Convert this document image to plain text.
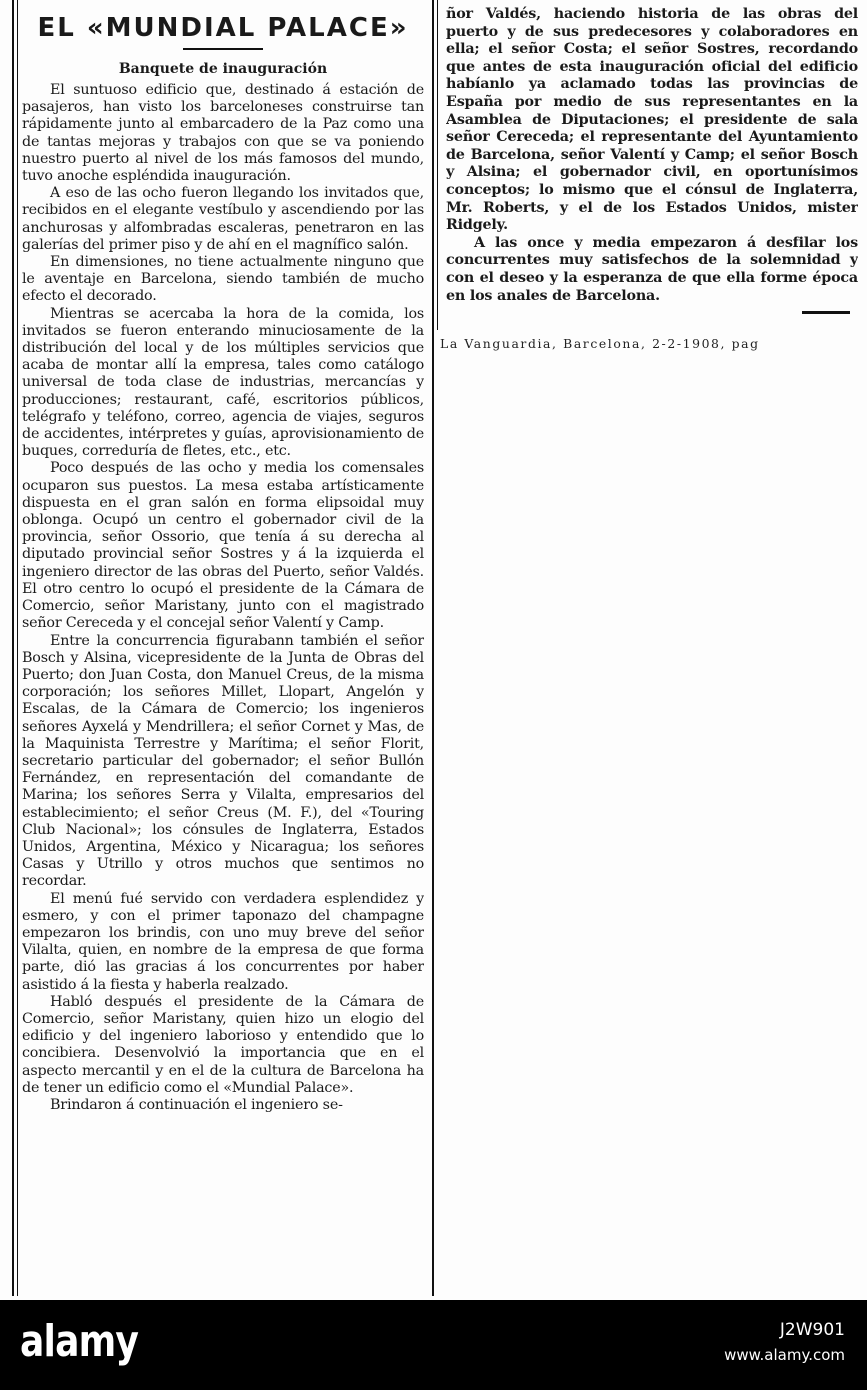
EL «MUNDIAL PALACE»
Banquete de inauguración

El suntuoso edificio que, destinado á estación de pasajeros, han visto los barceloneses construirse tan rápidamente junto al embarcadero de la Paz como una de tantas mejoras y trabajos con que se va poniendo nuestro puerto al nivel de los más famosos del mundo, tuvo anoche espléndida inauguración.

A eso de las ocho fueron llegando los invitados que, recibidos en el elegante vestíbulo y ascendiendo por las anchurosas y alfombradas escaleras, penetraron en las galerías del primer piso y de ahí en el magnífico salón.

En dimensiones, no tiene actualmente ninguno que le aventaje en Barcelona, siendo también de mucho efecto el decorado.

Mientras se acercaba la hora de la comida, los invitados se fueron enterando minuciosamente de la distribución del local y de los múltiples servicios que acaba de montar allí la empresa, tales como catálogo universal de toda clase de industrias, mercancías y producciones; restaurant, café, escritorios públicos, telégrafo y teléfono, correo, agencia de viajes, seguros de accidentes, intérpretes y guías, aprovisionamiento de buques, correduría de fletes, etc., etc.

Poco después de las ocho y media los comensales ocuparon sus puestos. La mesa estaba artísticamente dispuesta en el gran salón en forma elipsoidal muy oblonga. Ocupó un centro el gobernador civil de la provincia, señor Ossorio, que tenía á su derecha al diputado provincial señor Sostres y á la izquierda el ingeniero director de las obras del Puerto, señor Valdés. El otro centro lo ocupó el presidente de la Cámara de Comercio, señor Maristany, junto con el magistrado señor Cereceda y el concejal señor Valentí y Camp.

Entre la concurrencia figurabann también el señor Bosch y Alsina, vicepresidente de la Junta de Obras del Puerto; don Juan Costa, don Manuel Creus, de la misma corporación; los señores Millet, Llopart, Angelón y Escalas, de la Cámara de Comercio; los ingenieros señores Ayxelá y Mendrillera; el señor Cornet y Mas, de la Maquinista Terrestre y Marítima; el señor Florit, secretario particular del gobernador; el señor Bullón Fernández, en representación del comandante de Marina; los señores Serra y Vilalta, empresarios del establecimiento; el señor Creus (M. F.), del «Touring Club Nacional»; los cónsules de Inglaterra, Estados Unidos, Argentina, México y Nicaragua; los señores Casas y Utrillo y otros muchos que sentimos no recordar.

El menú fué servido con verdadera esplendidez y esmero, y con el primer taponazo del champagne empezaron los brindis, con uno muy breve del señor Vilalta, quien, en nombre de la empresa de que forma parte, dió las gracias á los concurrentes por haber asistido á la fiesta y haberla realzado.

Habló después el presidente de la Cámara de Comercio, señor Maristany, quien hizo un elogio del edificio y del ingeniero laborioso y entendido que lo concibiera. Desenvolvió la importancia que en el aspecto mercantil y en el de la cultura de Barcelona ha de tener un edificio como el «Mundial Palace».

Brindaron á continuación el ingeniero se-

ñor Valdés, haciendo historia de las obras del puerto y de sus predecesores y colaboradores en ella; el señor Costa; el señor Sostres, recordando que antes de esta inauguración oficial del edificio habíanlo ya aclamado todas las provincias de España por medio de sus representantes en la Asamblea de Diputaciones; el presidente de sala señor Cereceda; el representante del Ayuntamiento de Barcelona, señor Valentí y Camp; el señor Bosch y Alsina; el gobernador civil, en oportunísimos conceptos; lo mismo que el cónsul de Inglaterra, Mr. Roberts, y el de los Estados Unidos, mister Ridgely.

A las once y media empezaron á desfilar los concurrentes muy satisfechos de la solemnidad y con el deseo y la esperanza de que ella forme época en los anales de Barcelona.

La Vanguardia, Barcelona, 2-2-1908, pag
alamy	J2W901
www.alamy.com
